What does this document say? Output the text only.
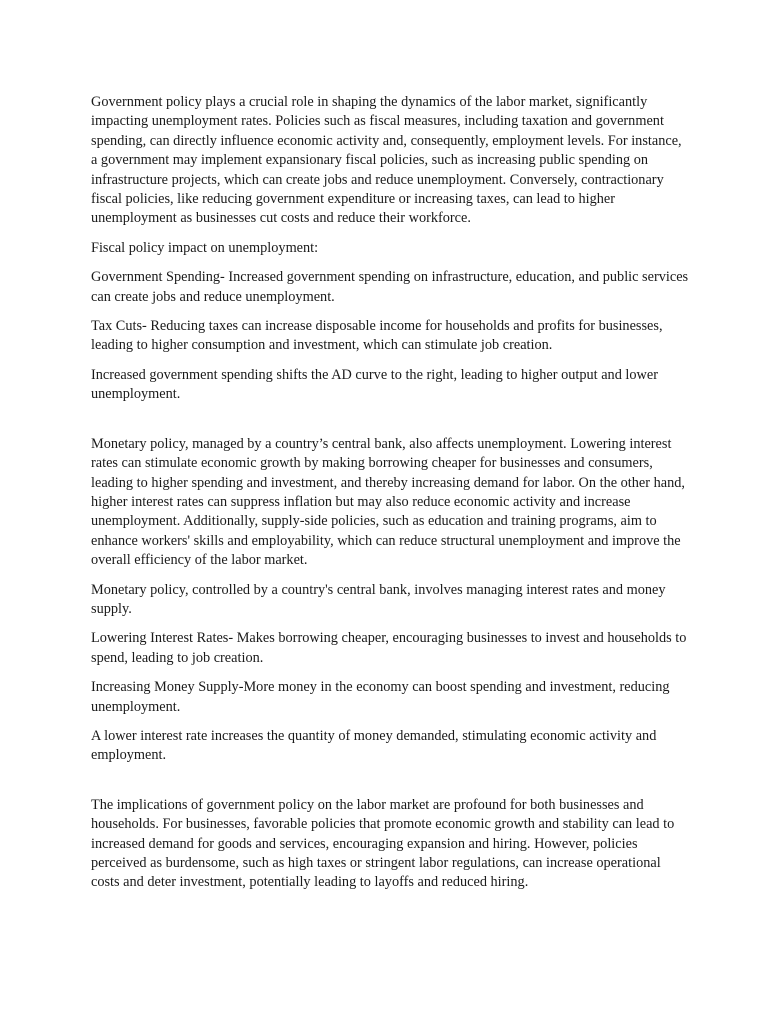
Government policy plays a crucial role in shaping the dynamics of the labor market, significantly impacting unemployment rates. Policies such as fiscal measures, including taxation and government spending, can directly influence economic activity and, consequently, employment levels. For instance, a government may implement expansionary fiscal policies, such as increasing public spending on infrastructure projects, which can create jobs and reduce unemployment. Conversely, contractionary fiscal policies, like reducing government expenditure or increasing taxes, can lead to higher unemployment as businesses cut costs and reduce their workforce.

Fiscal policy impact on unemployment:

Government Spending- Increased government spending on infrastructure, education, and public services can create jobs and reduce unemployment.

Tax Cuts- Reducing taxes can increase disposable income for households and profits for businesses, leading to higher consumption and investment, which can stimulate job creation.

Increased government spending shifts the AD curve to the right, leading to higher output and lower unemployment.

Monetary policy, managed by a country’s central bank, also affects unemployment. Lowering interest rates can stimulate economic growth by making borrowing cheaper for businesses and consumers, leading to higher spending and investment, and thereby increasing demand for labor. On the other hand, higher interest rates can suppress inflation but may also reduce economic activity and increase unemployment. Additionally, supply-side policies, such as education and training programs, aim to enhance workers' skills and employability, which can reduce structural unemployment and improve the overall efficiency of the labor market.

Monetary policy, controlled by a country's central bank, involves managing interest rates and money supply.

Lowering Interest Rates- Makes borrowing cheaper, encouraging businesses to invest and households to spend, leading to job creation.

Increasing Money Supply-More money in the economy can boost spending and investment, reducing unemployment.

A lower interest rate increases the quantity of money demanded, stimulating economic activity and employment.

The implications of government policy on the labor market are profound for both businesses and households. For businesses, favorable policies that promote economic growth and stability can lead to increased demand for goods and services, encouraging expansion and hiring. However, policies perceived as burdensome, such as high taxes or stringent labor regulations, can increase operational costs and deter investment, potentially leading to layoffs and reduced hiring.
